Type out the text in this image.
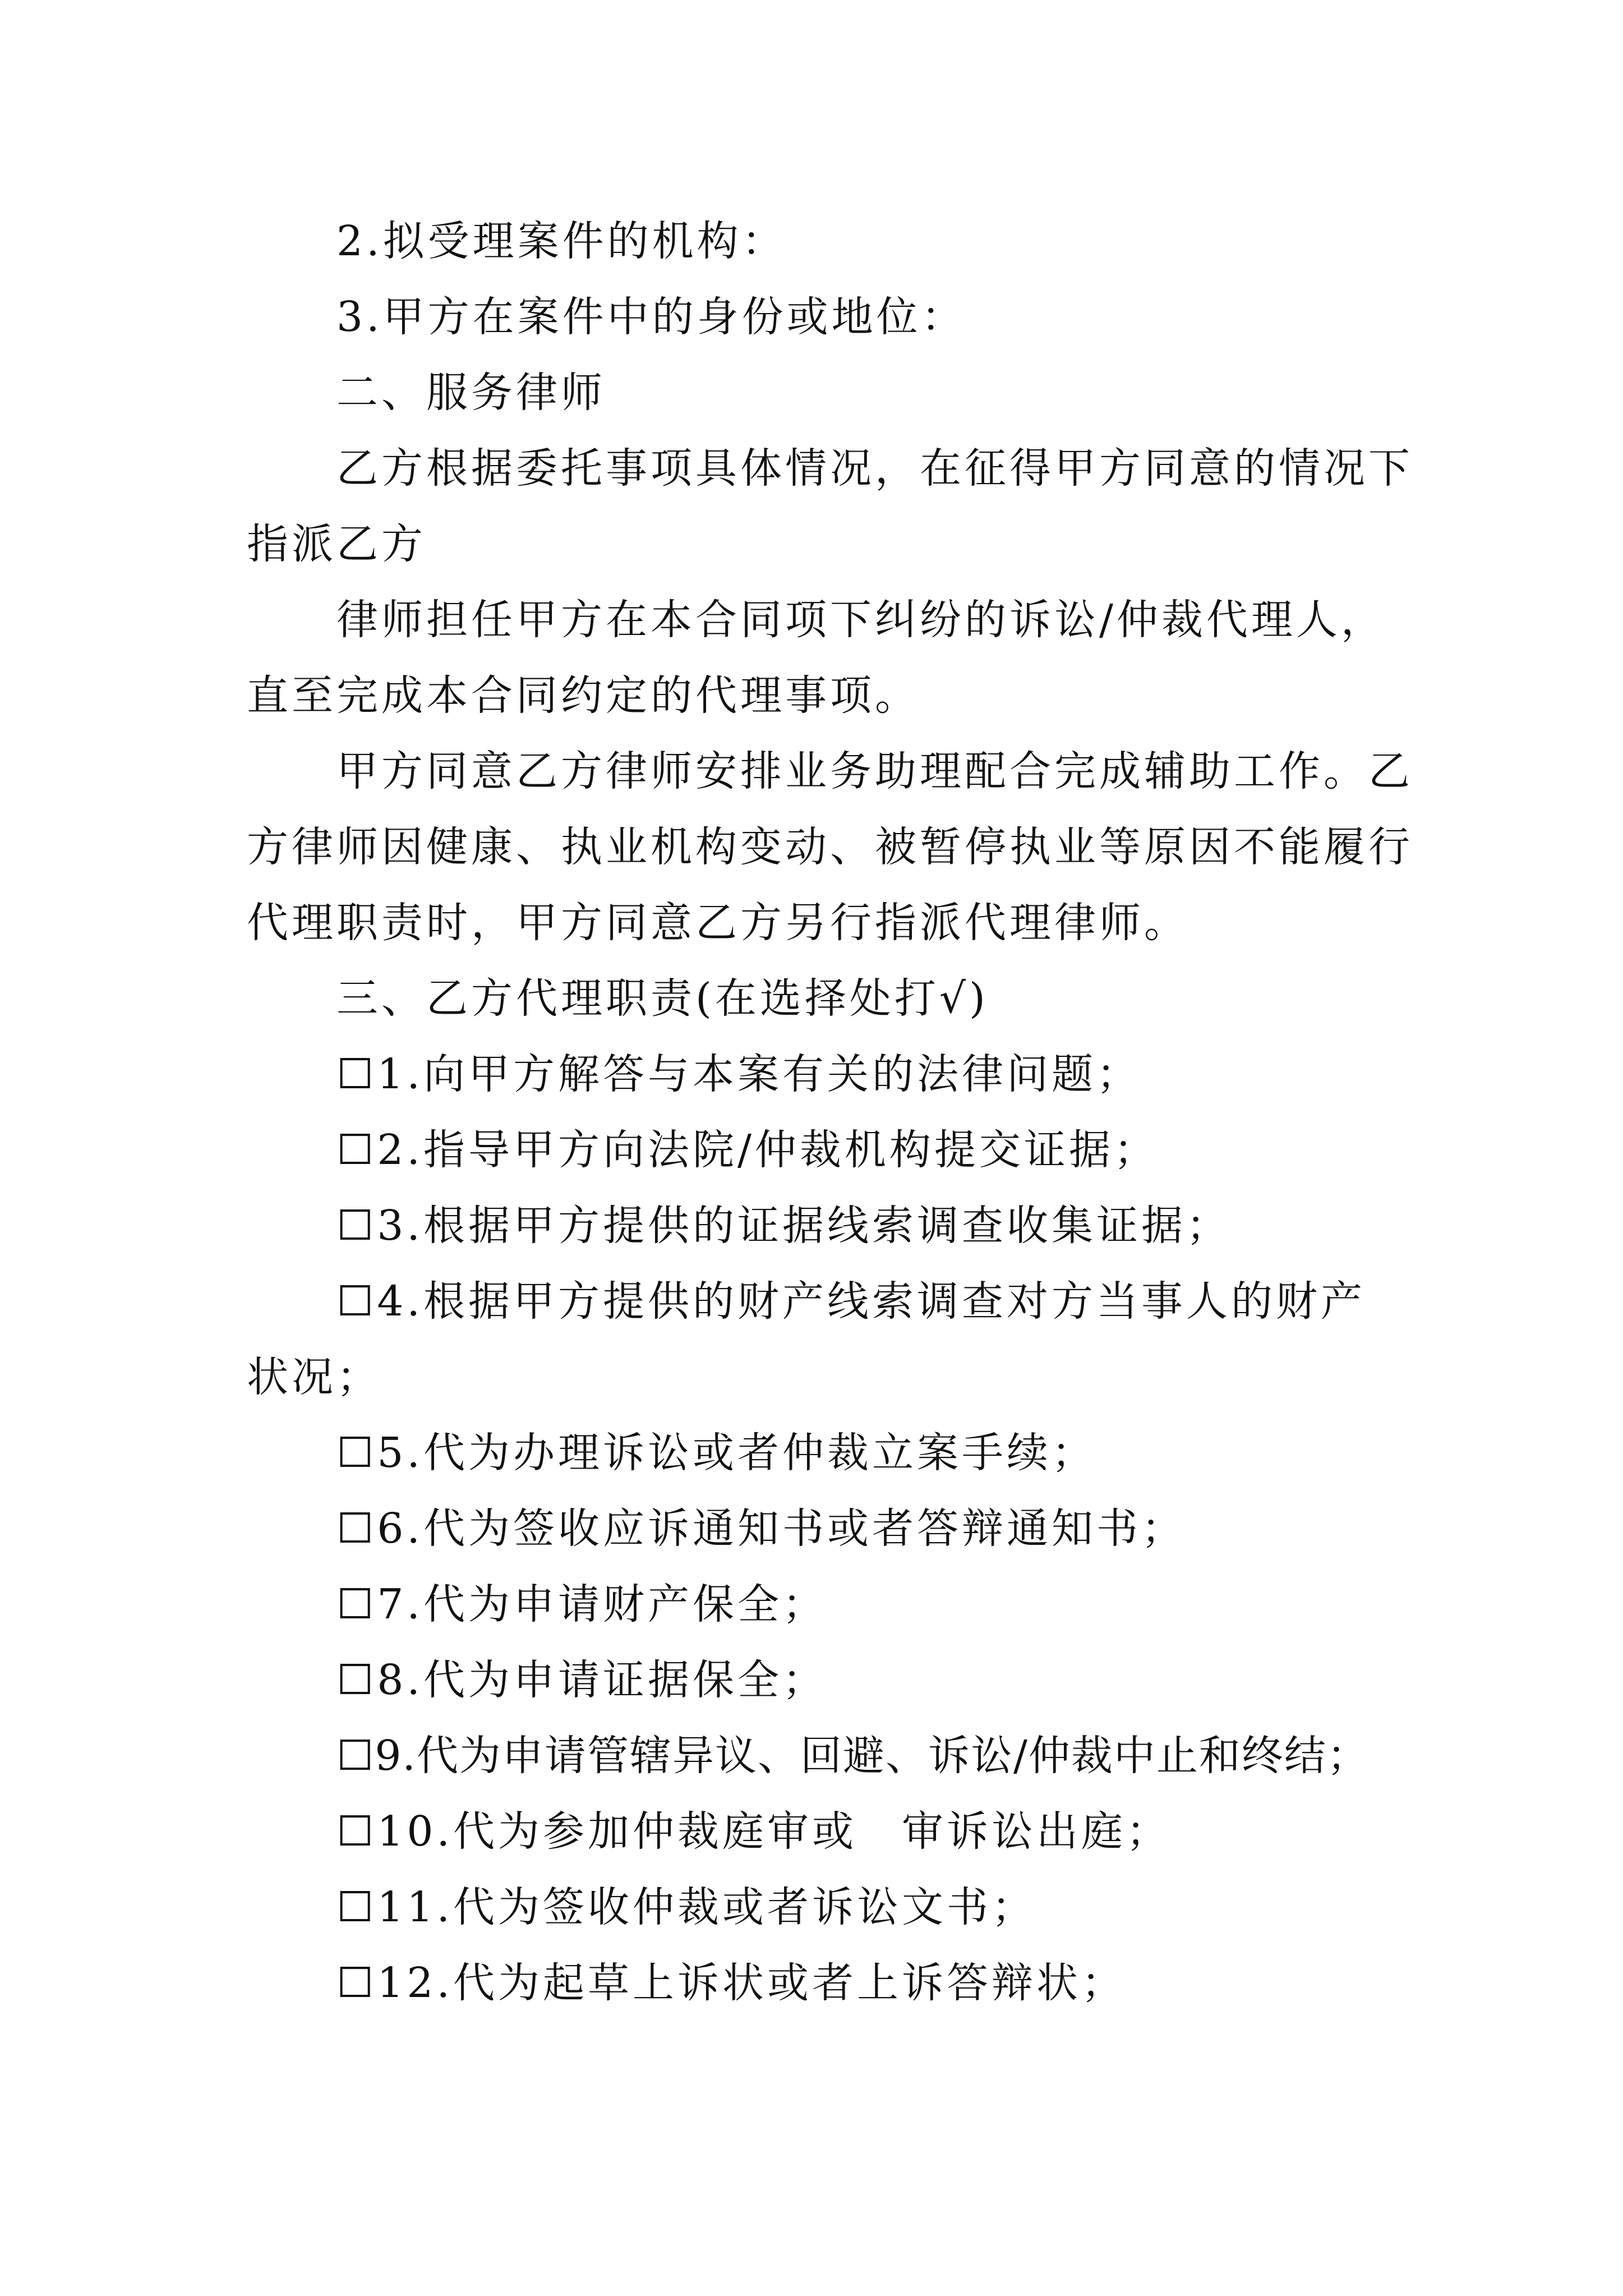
2.拟受理案件的机构：
3.甲方在案件中的身份或地位：
二、服务律师
乙方根据委托事项具体情况，在征得甲方同意的情况下
指派乙方
律师担任甲方在本合同项下纠纷的诉讼/仲裁代理人，
直至完成本合同约定的代理事项。
甲方同意乙方律师安排业务助理配合完成辅助工作。乙
方律师因健康、执业机构变动、被暂停执业等原因不能履行
代理职责时，甲方同意乙方另行指派代理律师。
三、乙方代理职责(在选择处打√)
☐1.向甲方解答与本案有关的法律问题；
☐2.指导甲方向法院/仲裁机构提交证据；
☐3.根据甲方提供的证据线索调查收集证据；
☐4.根据甲方提供的财产线索调查对方当事人的财产
状况；
☐5.代为办理诉讼或者仲裁立案手续；
☐6.代为签收应诉通知书或者答辩通知书；
☐7.代为申请财产保全；
☐8.代为申请证据保全；
☐9.代为申请管辖异议、回避、诉讼/仲裁中止和终结；
☐10.代为参加仲裁庭审或　审诉讼出庭；
☐11.代为签收仲裁或者诉讼文书；
☐12.代为起草上诉状或者上诉答辩状；
